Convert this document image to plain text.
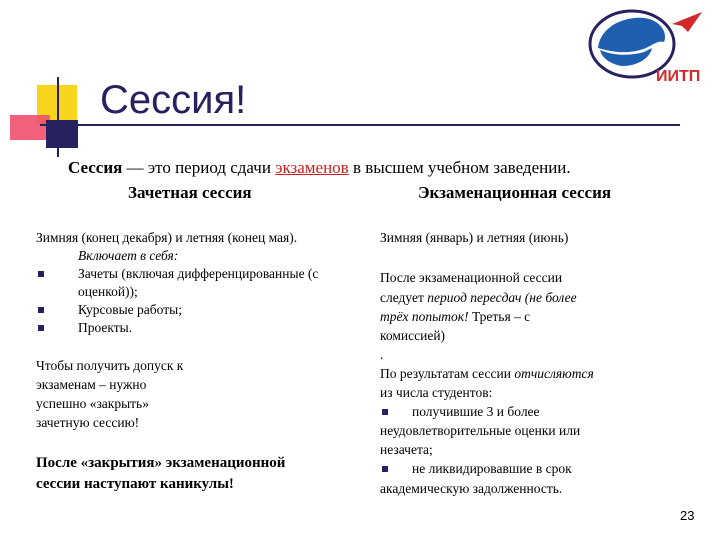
Сессия!
ИИТП
Сессия — это период сдачи экзаменов в высшем учебном заведении.
Зачетная сессия	Экзаменационная сессия
Зимняя (конец декабря) и летняя (конец мая).
Включает в себя:
Зачеты (включая дифференцированные (с
оценкой));
Курсовые работы;
Проекты.
Чтобы получить допуск к
экзаменам – нужно
успешно «закрыть»
зачетную сессию!
После «закрытия» экзаменационной
сессии наступают каникулы!
Зимняя (январь) и летняя (июнь)
После экзаменационной сессии
следует период пересдач (не более
трёх попыток! Третья – с
комиссией)
.
По результатам сессии отчисляются
из числа студентов:
получившие 3 и более
неудовлетворительные оценки или
незачета;
не ликвидировавшие в срок
академическую задолженность.
23
